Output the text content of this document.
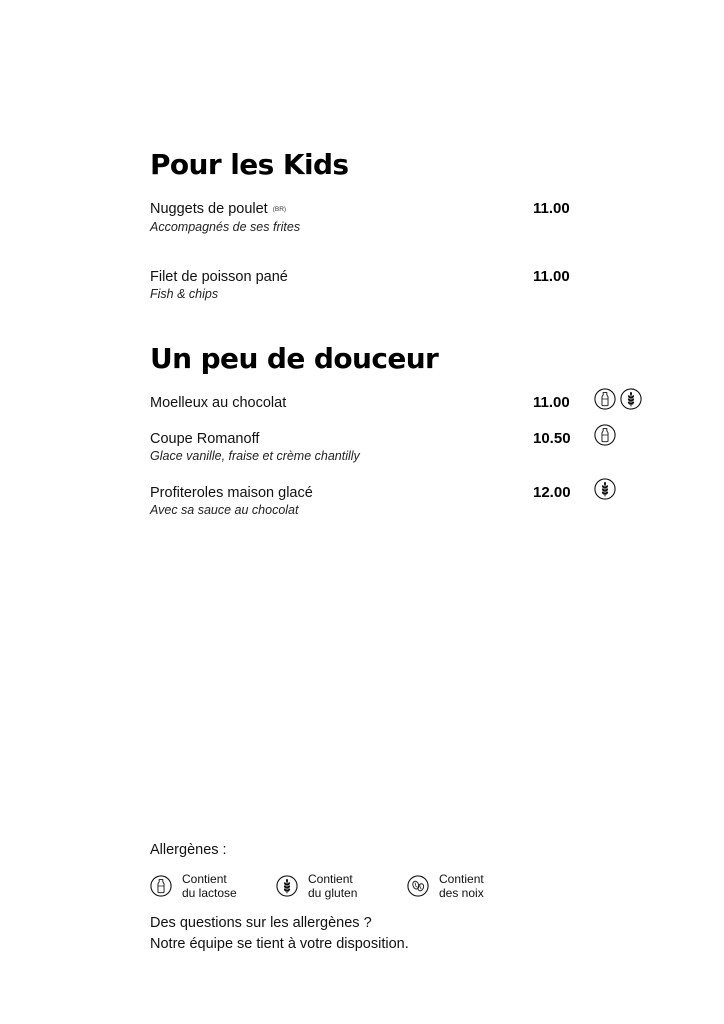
Pour les Kids
Nuggets de poulet (BR)
Accompagnés de ses frites
11.00
Filet de poisson pané
Fish & chips
11.00
Un peu de douceur
Moelleux au chocolat	11.00
Coupe Romanoff
Glace vanille, fraise et crème chantilly
10.50
Profiteroles maison glacé
Avec sa sauce au chocolat
12.00
Allergènes :
Contient
du lactose
Contient
du gluten
Contient
des noix
Des questions sur les allergènes ?
Notre équipe se tient à votre disposition.
